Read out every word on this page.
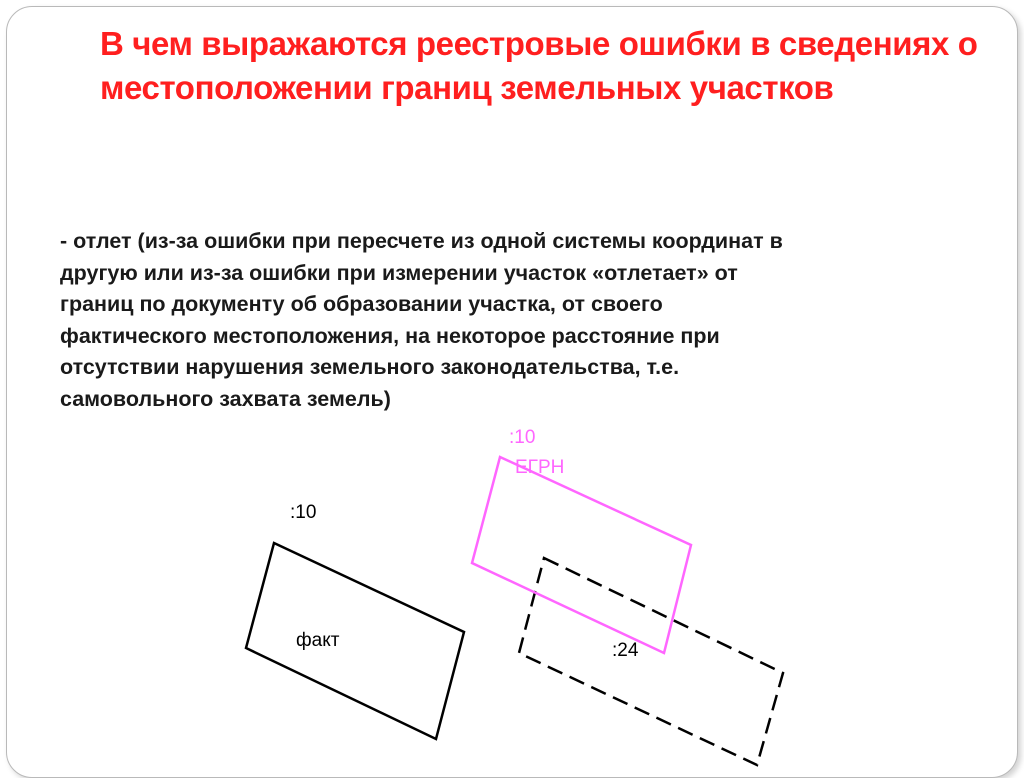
В чем выражаются реестровые ошибки в сведениях о местоположении границ земельных участков

- отлет (из-за ошибки при пересчете из одной системы координат в
другую или из-за ошибки при измерении участок «отлетает» от
границ по документу об образовании участка, от своего
фактического местоположения, на некоторое расстояние при
отсутствии нарушения земельного законодательства, т.е.
самовольного захвата земель)

:10
факт	:24
:10
ЕГРН
